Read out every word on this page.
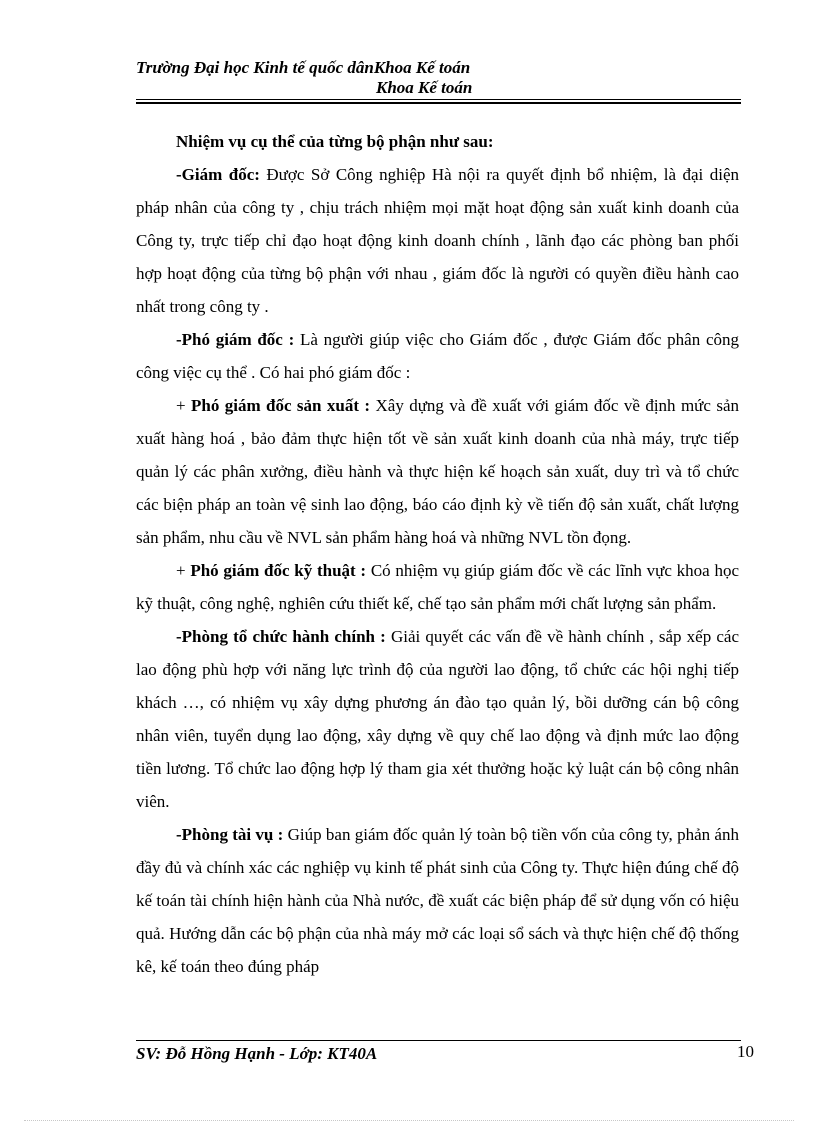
Trường Đại học Kinh tế quốc dânKhoa Kế toán
Khoa Kế toán

Nhiệm vụ cụ thể của từng bộ phận như sau:

-Giám đốc: Được Sở Công nghiệp Hà nội ra quyết định bổ nhiệm, là đại diện pháp nhân của công ty , chịu trách nhiệm mọi mặt hoạt động sản xuất kinh doanh của Công ty, trực tiếp chỉ đạo hoạt động kinh doanh chính , lãnh đạo các phòng ban phối hợp hoạt động của từng bộ phận với nhau , giám đốc là người có quyền điều hành cao nhất trong công ty .

-Phó giám đốc : Là người giúp việc cho Giám đốc , được Giám đốc phân công công việc cụ thể . Có hai phó giám đốc :

+ Phó giám đốc sản xuất : Xây dựng và đề xuất với giám đốc về định mức sản xuất hàng hoá , bảo đảm thực hiện tốt về sản xuất kinh doanh của nhà máy, trực tiếp quản lý các phân xưởng, điều hành và thực hiện kế hoạch sản xuất, duy trì và tổ chức các biện pháp an toàn vệ sinh lao động, báo cáo định kỳ về tiến độ sản xuất, chất lượng sản phẩm, nhu cầu về NVL sản phẩm hàng hoá và những NVL tồn đọng.

+ Phó giám đốc kỹ thuật : Có nhiệm vụ giúp giám đốc về các lĩnh vực khoa học kỹ thuật, công nghệ, nghiên cứu thiết kế, chế tạo sản phẩm mới chất lượng sản phẩm.

-Phòng tổ chức hành chính : Giải quyết các vấn đề về hành chính , sắp xếp các lao động phù hợp với năng lực trình độ của người lao động, tổ chức các hội nghị tiếp khách …, có nhiệm vụ xây dựng phương án đào tạo quản lý, bồi dưỡng cán bộ công nhân viên, tuyển dụng lao động, xây dựng về quy chế lao động và định mức lao động tiền lương. Tổ chức lao động hợp lý tham gia xét thưởng hoặc kỷ luật cán bộ công nhân viên.

-Phòng tài vụ : Giúp ban giám đốc quản lý toàn bộ tiền vốn của công ty, phản ánh đầy đủ và chính xác các nghiệp vụ kinh tế phát sinh của Công ty. Thực hiện đúng chế độ kế toán tài chính hiện hành của Nhà nước, đề xuất các biện pháp để sử dụng vốn có hiệu quả. Hướng dẫn các bộ phận của nhà máy mở các loại sổ sách và thực hiện chế độ thống kê, kế toán theo đúng pháp

SV: Đỗ Hồng Hạnh - Lớp: KT40A	10
